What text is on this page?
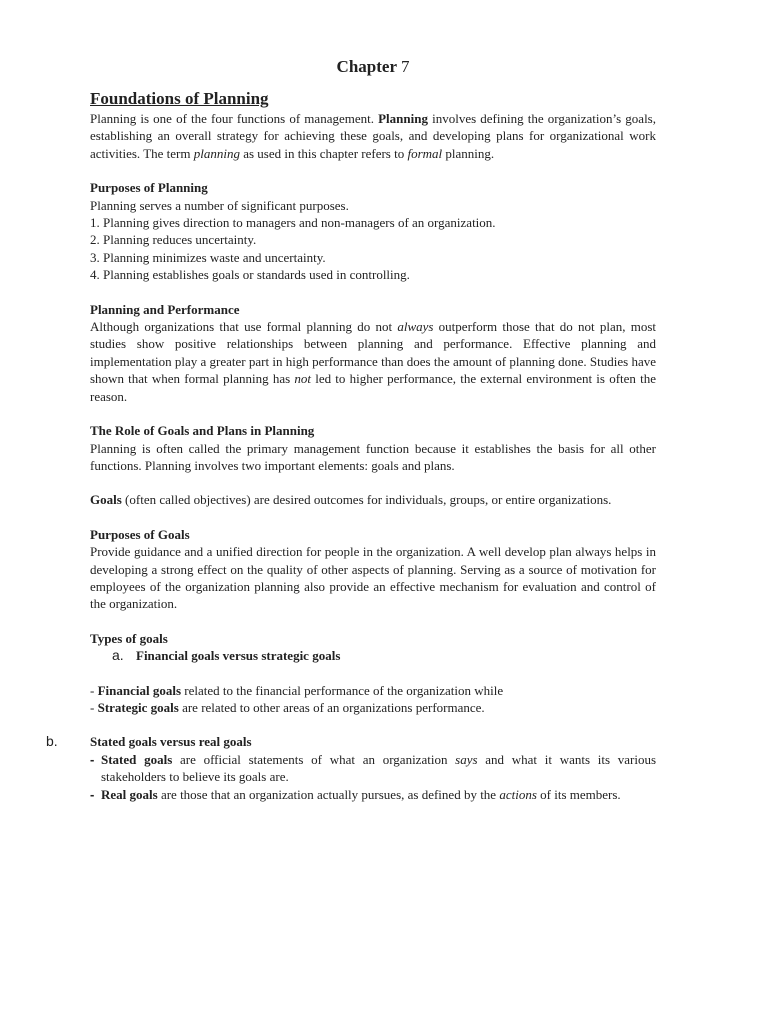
Chapter 7
Foundations of Planning

Planning is one of the four functions of management. Planning involves defining the organization’s goals, establishing an overall strategy for achieving these goals, and developing plans for organizational work activities. The term planning as used in this chapter refers to formal planning.

Purposes of Planning

Planning serves a number of significant purposes.

1. Planning gives direction to managers and non-managers of an organization.
2. Planning reduces uncertainty.
3. Planning minimizes waste and uncertainty.
4. Planning establishes goals or standards used in controlling.

Planning and Performance

Although organizations that use formal planning do not always outperform those that do not plan, most studies show positive relationships between planning and performance. Effective planning and implementation play a greater part in high performance than does the amount of planning done. Studies have shown that when formal planning has not led to higher performance, the external environment is often the reason.

The Role of Goals and Plans in Planning

Planning is often called the primary management function because it establishes the basis for all other functions. Planning involves two important elements: goals and plans.

Goals (often called objectives) are desired outcomes for individuals, groups, or entire organizations.

Purposes of Goals

Provide guidance and a unified direction for people in the organization. A well develop plan always helps in developing a strong effect on the quality of other aspects of planning. Serving as a source of motivation for employees of the organization planning also provide an effective mechanism for evaluation and control of the organization.

Types of goals

a. Financial goals versus strategic goals

- Financial goals related to the financial performance of the organization while
- Strategic goals are related to other areas of an organizations performance.

b. Stated goals versus real goals

- Stated goals are official statements of what an organization says and what it wants its various stakeholders to believe its goals are.
- Real goals are those that an organization actually pursues, as defined by the actions of its members.
